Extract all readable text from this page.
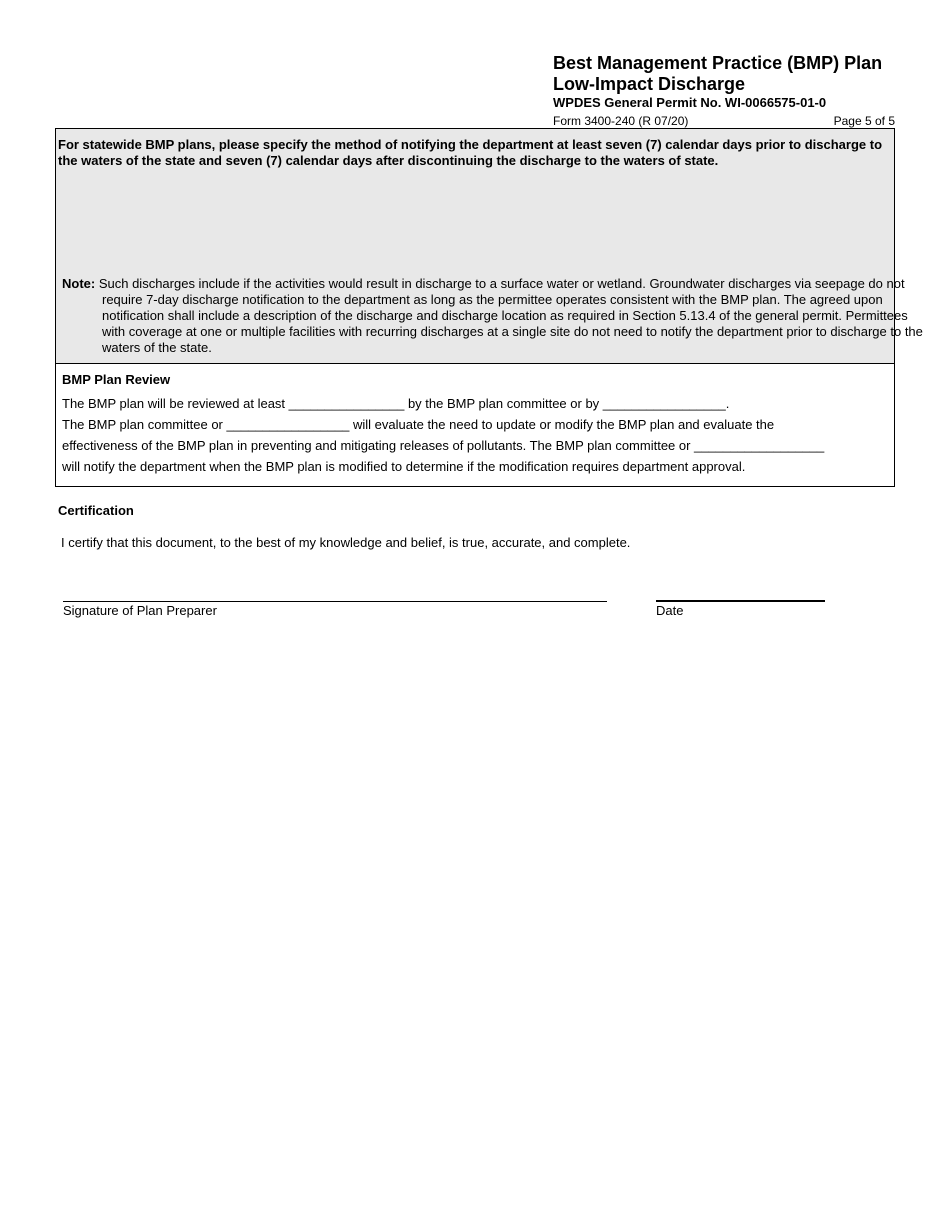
Best Management Practice (BMP) Plan
Low-Impact Discharge
WPDES General Permit No. WI-0066575-01-0
Form 3400-240 (R 07/20)	Page 5 of 5
For statewide BMP plans, please specify the method of notifying the department at least seven (7) calendar days prior to discharge to the waters of the state and seven (7) calendar days after discontinuing the discharge to the waters of state.
Note: Such discharges include if the activities would result in discharge to a surface water or wetland. Groundwater discharges via seepage do not require 7-day discharge notification to the department as long as the permittee operates consistent with the BMP plan. The agreed upon notification shall include a description of the discharge and discharge location as required in Section 5.13.4 of the general permit. Permittees with coverage at one or multiple facilities with recurring discharges at a single site do not need to notify the department prior to discharge to the waters of the state.
BMP Plan Review
The BMP plan will be reviewed at least ________________ by the BMP plan committee or by _________________.
The BMP plan committee or _________________ will evaluate the need to update or modify the BMP plan and evaluate the
effectiveness of the BMP plan in preventing and mitigating releases of pollutants. The BMP plan committee or __________________
will notify the department when the BMP plan is modified to determine if the modification requires department approval.
Certification
I certify that this document, to the best of my knowledge and belief, is true, accurate, and complete.
Signature of Plan Preparer	Date
